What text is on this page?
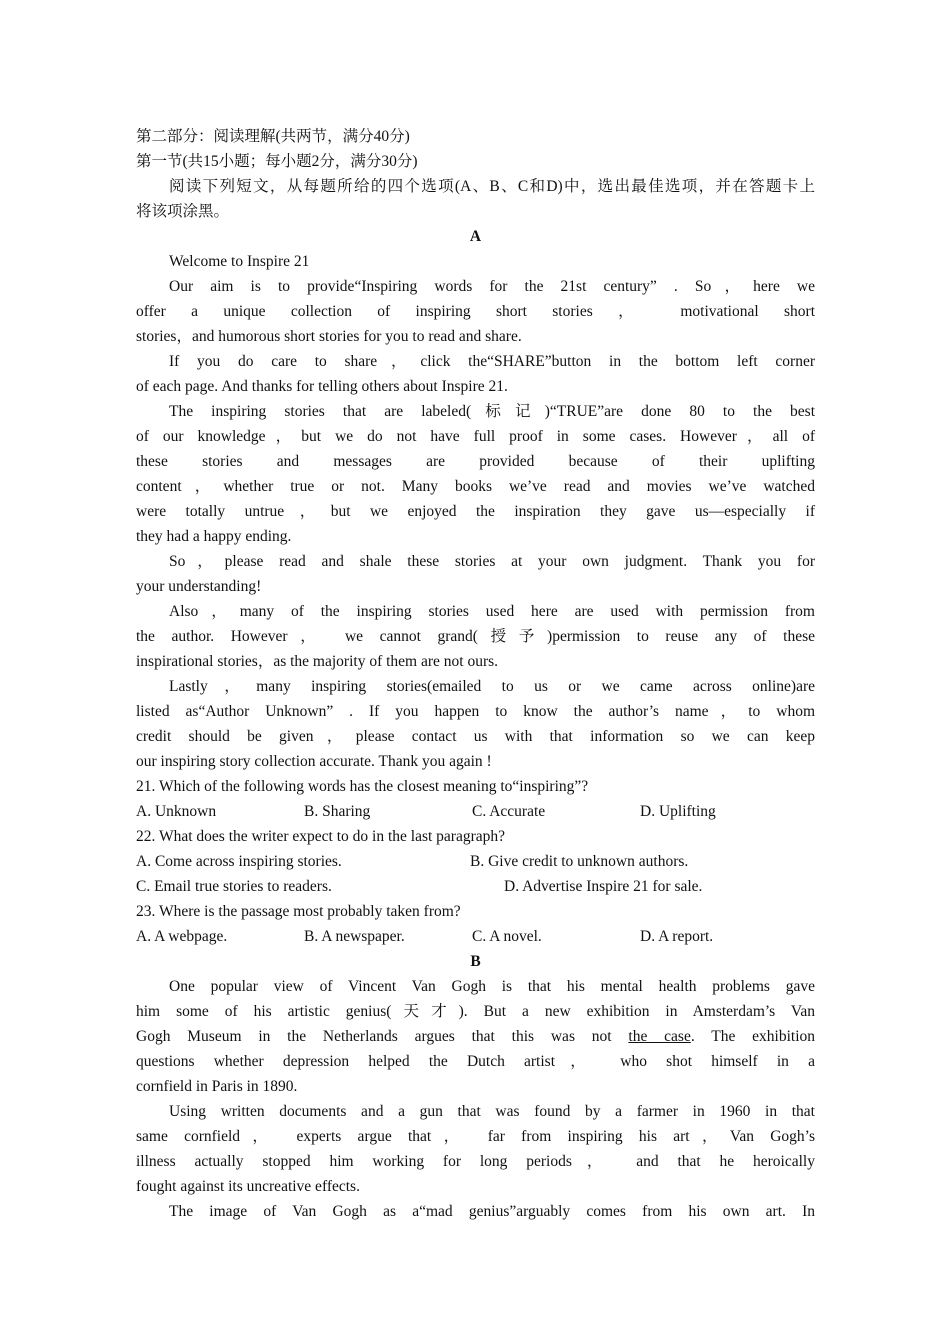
第二部分：阅读理解(共两节，满分40分)
第一节(共15小题；每小题2分，满分30分)
阅读下列短文，从每题所给的四个选项(A、B、C和D)中，选出最佳选项，并在答题卡上
将该项涂黑。
A
Welcome to Inspire 21
Our aim is to provide“Inspiring words for the 21st century” . So，here we
offer a unique collection of inspiring short stories ， motivational short
stories，and humorous short stories for you to read and share.
If you do care to share，click the“SHARE”button in the bottom left corner
of each page. And thanks for telling others about Inspire 21.
The inspiring stories that are labeled(标记)“TRUE”are done 80 to the best
of our knowledge，but we do not have full proof in some cases. However，all of
these stories and messages are provided because of their uplifting
content，whether true or not. Many books we’ve read and movies we’ve watched
were totally untrue，but we enjoyed the inspiration they gave us—especially if
they had a happy ending.
So，please read and shale these stories at your own judgment. Thank you for
your understanding!
Also，many of the inspiring stories used here are used with permission from
the author. However， we cannot grand(授予)permission to reuse any of these
inspirational stories，as the majority of them are not ours.
Lastly，many inspiring stories(emailed to us or we came across online)are
listed as“Author Unknown” . If you happen to know the author’s name，to whom
credit should be given，please contact us with that information so we can keep
our inspiring story collection accurate. Thank you again !
21. Which of the following words has the closest meaning to“inspiring”?
A. Unknown	B. Sharing	C. Accurate	D. Uplifting
22. What does the writer expect to do in the last paragraph?
A. Come across inspiring stories.	B. Give credit to unknown authors.
C. Email true stories to readers.	D. Advertise Inspire 21 for sale.
23. Where is the passage most probably taken from?
A. A webpage.	B. A newspaper.	C. A novel.	D. A report.
B
One popular view of Vincent Van Gogh is that his mental health problems gave
him some of his artistic genius(天才). But a new exhibition in Amsterdam’s Van
Gogh Museum in the Netherlands argues that this was not the case. The exhibition
questions whether depression helped the Dutch artist， who shot himself in a
cornfield in Paris in 1890.
Using written documents and a gun that was found by a farmer in 1960 in that
same cornfield， experts argue that， far from inspiring his art，Van Gogh’s
illness actually stopped him working for long periods， and that he heroically
fought against its uncreative effects.
The image of Van Gogh as a“mad genius”arguably comes from his own art. In
